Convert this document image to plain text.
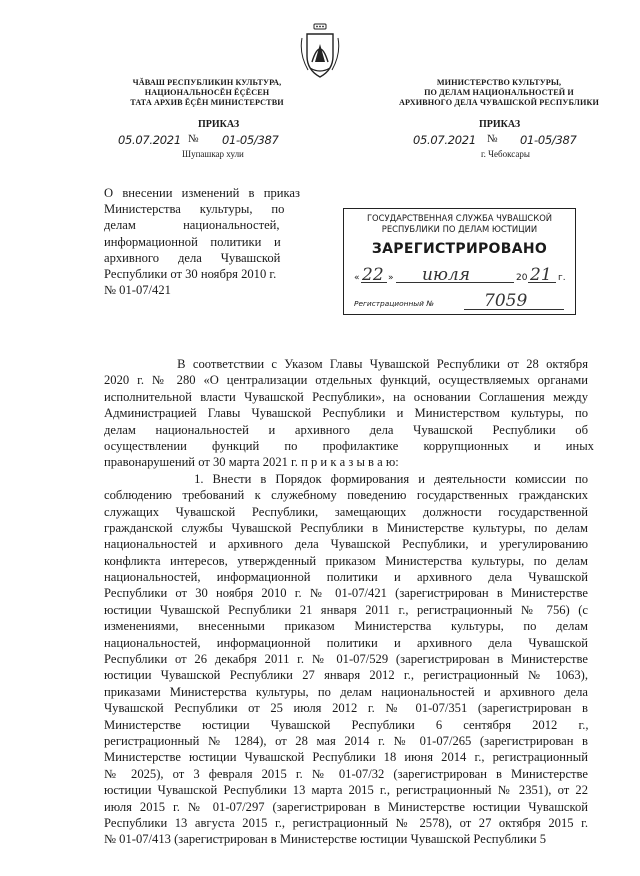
ЧĂВАШ РЕСПУБЛИКИН КУЛЬТУРА,
НАЦИОНАЛЬНОСĔН ĔÇĔСЕН
ТАТА АРХИВ ĔÇĔН МИНИСТЕРСТВИ
МИНИСТЕРСТВО КУЛЬТУРЫ,
ПО ДЕЛАМ НАЦИОНАЛЬНОСТЕЙ И
АРХИВНОГО ДЕЛА ЧУВАШСКОЙ РЕСПУБЛИКИ
ПРИКАЗ	ПРИКАЗ
05.07.2021 № 01-05/387
Шупашкар хули
05.07.2021 № 01-05/387
г. Чебоксары
О внесении изменений в приказ
Министерства      культуры,      по
делам               национальностей,
информационной    политики    и
архивного      дела      Чувашской
Республики от 30 ноября 2010 г.
№ 01-07/421
ГОСУДАРСТВЕННАЯ СЛУЖБА ЧУВАШСКОЙ
РЕСПУБЛИКИ ПО ДЕЛАМ ЮСТИЦИИ
ЗАРЕГИСТРИРОВАНО
« 22 » июля	20 21 г.
Регистрационный №	7059
В соответствии с Указом Главы Чувашской Республики от 28 октября
2020 г. № 280 «О централизации отдельных функций, осуществляемых органами
исполнительной власти Чувашской Республики», на основании Соглашения между
Администрацией Главы Чувашской Республики и Министерством культуры, по
делам национальностей и архивного дела Чувашской Республики об
осуществлении функций по профилактике коррупционных и иных
правонарушений от 30 марта 2021 г. п р и к а з ы в а ю:
1. Внести в Порядок формирования и деятельности комиссии по
соблюдению требований к служебному поведению государственных гражданских
служащих Чувашской Республики, замещающих должности государственной
гражданской службы Чувашской Республики в Министерстве культуры, по делам
национальностей и архивного дела Чувашской Республики, и урегулированию
конфликта интересов, утвержденный приказом Министерства культуры, по делам
национальностей, информационной политики и архивного дела Чувашской
Республики от 30 ноября 2010 г. № 01-07/421 (зарегистрирован в Министерстве
юстиции Чувашской Республики 21 января 2011 г., регистрационный № 756) (с
изменениями, внесенными приказом Министерства культуры, по делам
национальностей, информационной политики и архивного дела Чувашской
Республики от 26 декабря 2011 г. № 01-07/529 (зарегистрирован в Министерстве
юстиции Чувашской Республики 27 января 2012 г., регистрационный № 1063),
приказами Министерства культуры, по делам национальностей и архивного дела
Чувашской Республики от 25 июля 2012 г. № 01-07/351 (зарегистрирован в
Министерстве юстиции Чувашской Республики 6 сентября 2012 г.,
регистрационный № 1284), от 28 мая 2014 г. № 01-07/265 (зарегистрирован в
Министерстве юстиции Чувашской Республики 18 июня 2014 г., регистрационный
№ 2025), от 3 февраля 2015 г. № 01-07/32 (зарегистрирован в Министерстве
юстиции Чувашской Республики 13 марта 2015 г., регистрационный № 2351), от 22
июля 2015 г. № 01-07/297 (зарегистрирован в Министерстве юстиции Чувашской
Республики 13 августа 2015 г., регистрационный № 2578), от 27 октября 2015 г.
№ 01-07/413 (зарегистрирован в Министерстве юстиции Чувашской Республики 5
